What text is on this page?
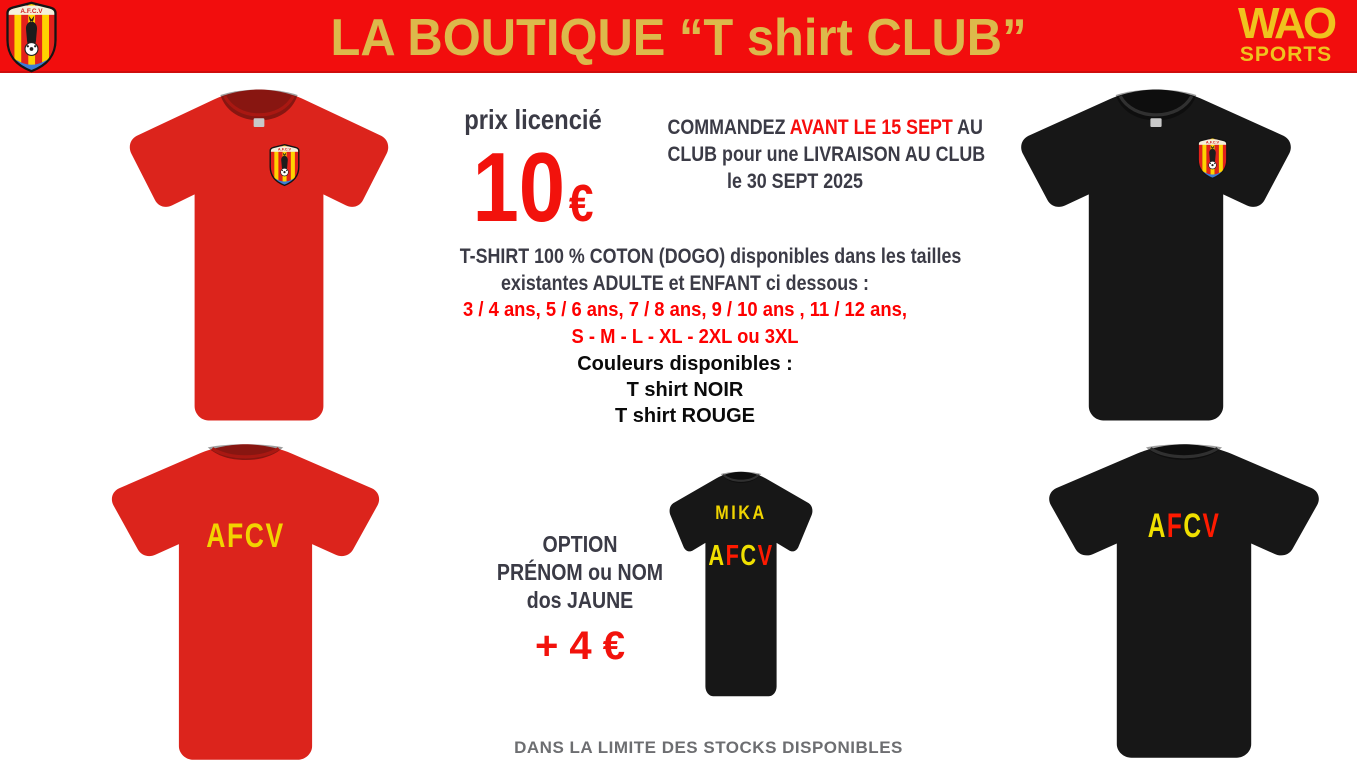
LA BOUTIQUE “T shirt CLUB”	WAO
SPORTS
AFCV	AFCV
MIKA
AFCV
prix licencié
10 €
COMMANDEZ AVANT LE 15 SEPT AU
CLUB pour une LIVRAISON AU CLUB
le 30 SEPT 2025
T-SHIRT 100 % COTON (DOGO) disponibles dans les tailles
existantes ADULTE et ENFANT ci dessous :
3 / 4 ans, 5 / 6 ans, 7 / 8 ans, 9 / 10 ans , 11 / 12 ans,
S - M - L - XL - 2XL ou 3XL
Couleurs disponibles :
T shirt NOIR
T shirt ROUGE
OPTION
PRÉNOM ou NOM
dos JAUNE
+ 4 €
DANS LA LIMITE DES STOCKS DISPONIBLES
